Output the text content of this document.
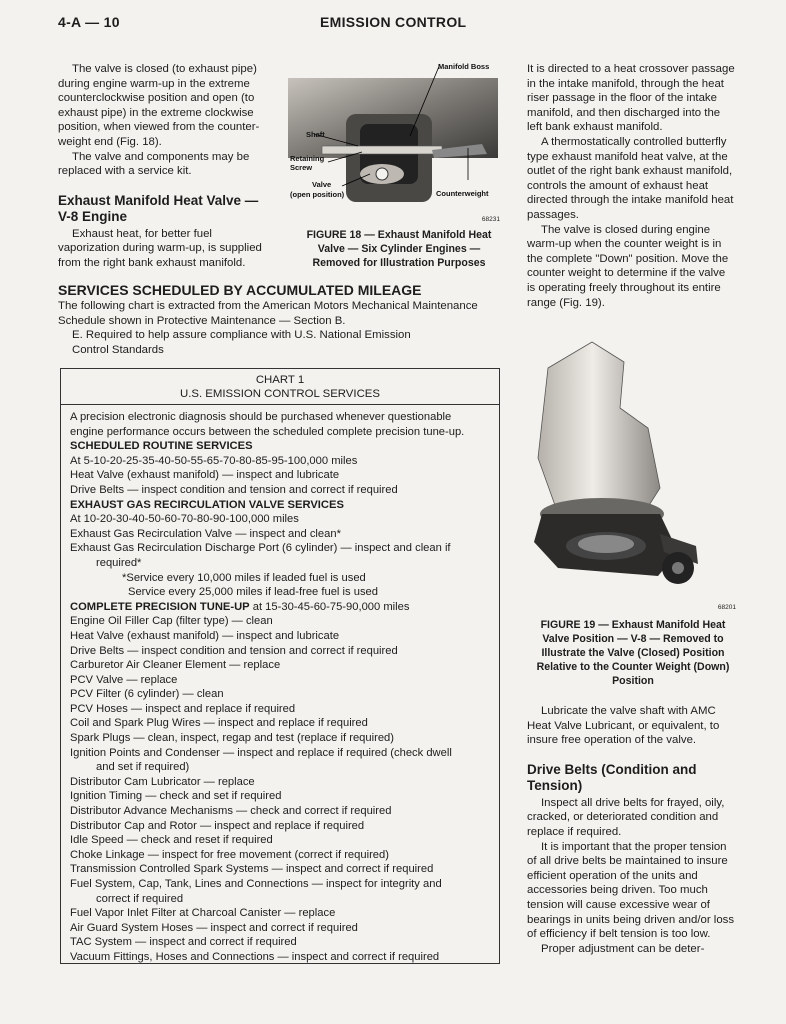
4-A — 10	EMISSION CONTROL

The valve is closed (to exhaust pipe) during engine warm-up in the extreme counterclockwise position and open (to exhaust pipe) in the extreme clockwise position, when viewed from the counter-weight end (Fig. 18).

The valve and components may be replaced with a service kit.

Exhaust Manifold Heat Valve — V-8 Engine

Exhaust heat, for better fuel vaporization during warm-up, is supplied from the right bank exhaust manifold.

Manifold Boss
Shaft
Retaining
Screw
Valve
(open position)	Counterweight
68231
FIGURE 18 — Exhaust Manifold Heat Valve — Six Cylinder Engines — Removed for Illustration Purposes
SERVICES SCHEDULED BY ACCUMULATED MILEAGE

The following chart is extracted from the American Motors Mechanical Maintenance Schedule shown in Protective Maintenance — Section B.

E. Required to help assure compliance with U.S. National Emission Control Standards

CHART 1
U.S. EMISSION CONTROL SERVICES
A precision electronic diagnosis should be purchased whenever questionable
engine performance occurs between the scheduled complete precision tune-up.
SCHEDULED ROUTINE SERVICES
At 5-10-20-25-35-40-50-55-65-70-80-85-95-100,000 miles
Heat Valve (exhaust manifold) — inspect and lubricate
Drive Belts — inspect condition and tension and correct if required
EXHAUST GAS RECIRCULATION VALVE SERVICES
At 10-20-30-40-50-60-70-80-90-100,000 miles
Exhaust Gas Recirculation Valve — inspect and clean*
Exhaust Gas Recirculation Discharge Port (6 cylinder) — inspect and clean if
required*
*Service every 10,000 miles if leaded fuel is used
Service every 25,000 miles if lead-free fuel is used
COMPLETE PRECISION TUNE-UP at 15-30-45-60-75-90,000 miles
Engine Oil Filler Cap (filter type) — clean
Heat Valve (exhaust manifold) — inspect and lubricate
Drive Belts — inspect condition and tension and correct if required
Carburetor Air Cleaner Element — replace
PCV Valve — replace
PCV Filter (6 cylinder) — clean
PCV Hoses — inspect and replace if required
Coil and Spark Plug Wires — inspect and replace if required
Spark Plugs — clean, inspect, regap and test (replace if required)
Ignition Points and Condenser — inspect and replace if required (check dwell
and set if required)
Distributor Cam Lubricator — replace
Ignition Timing — check and set if required
Distributor Advance Mechanisms — check and correct if required
Distributor Cap and Rotor — inspect and replace if required
Idle Speed — check and reset if required
Choke Linkage — inspect for free movement (correct if required)
Transmission Controlled Spark Systems — inspect and correct if required
Fuel System, Cap, Tank, Lines and Connections — inspect for integrity and
correct if required
Fuel Vapor Inlet Filter at Charcoal Canister — replace
Air Guard System Hoses — inspect and correct if required
TAC System — inspect and correct if required
Vacuum Fittings, Hoses and Connections — inspect and correct if required

It is directed to a heat crossover passage in the intake manifold, through the heat riser passage in the floor of the intake manifold, and then discharged into the left bank exhaust manifold.

A thermostatically controlled butterfly type exhaust manifold heat valve, at the outlet of the right bank exhaust manifold, controls the amount of exhaust heat directed through the intake manifold heat passages.

The valve is closed during engine warm-up when the counter weight is in the complete "Down" position. Move the counter weight to determine if the valve is operating freely throughout its entire range (Fig. 19).

68201
FIGURE 19 — Exhaust Manifold Heat Valve Position — V-8 — Removed to Illustrate the Valve (Closed) Position Relative to the Counter Weight (Down) Position

Lubricate the valve shaft with AMC Heat Valve Lubricant, or equivalent, to insure free operation of the valve.

Drive Belts (Condition and Tension)

Inspect all drive belts for frayed, oily, cracked, or deteriorated condition and replace if required.

It is important that the proper tension of all drive belts be maintained to insure efficient operation of the units and accessories being driven. Too much tension will cause excessive wear of bearings in units being driven and/or loss of efficiency if belt tension is too low.

Proper adjustment can be deter-
